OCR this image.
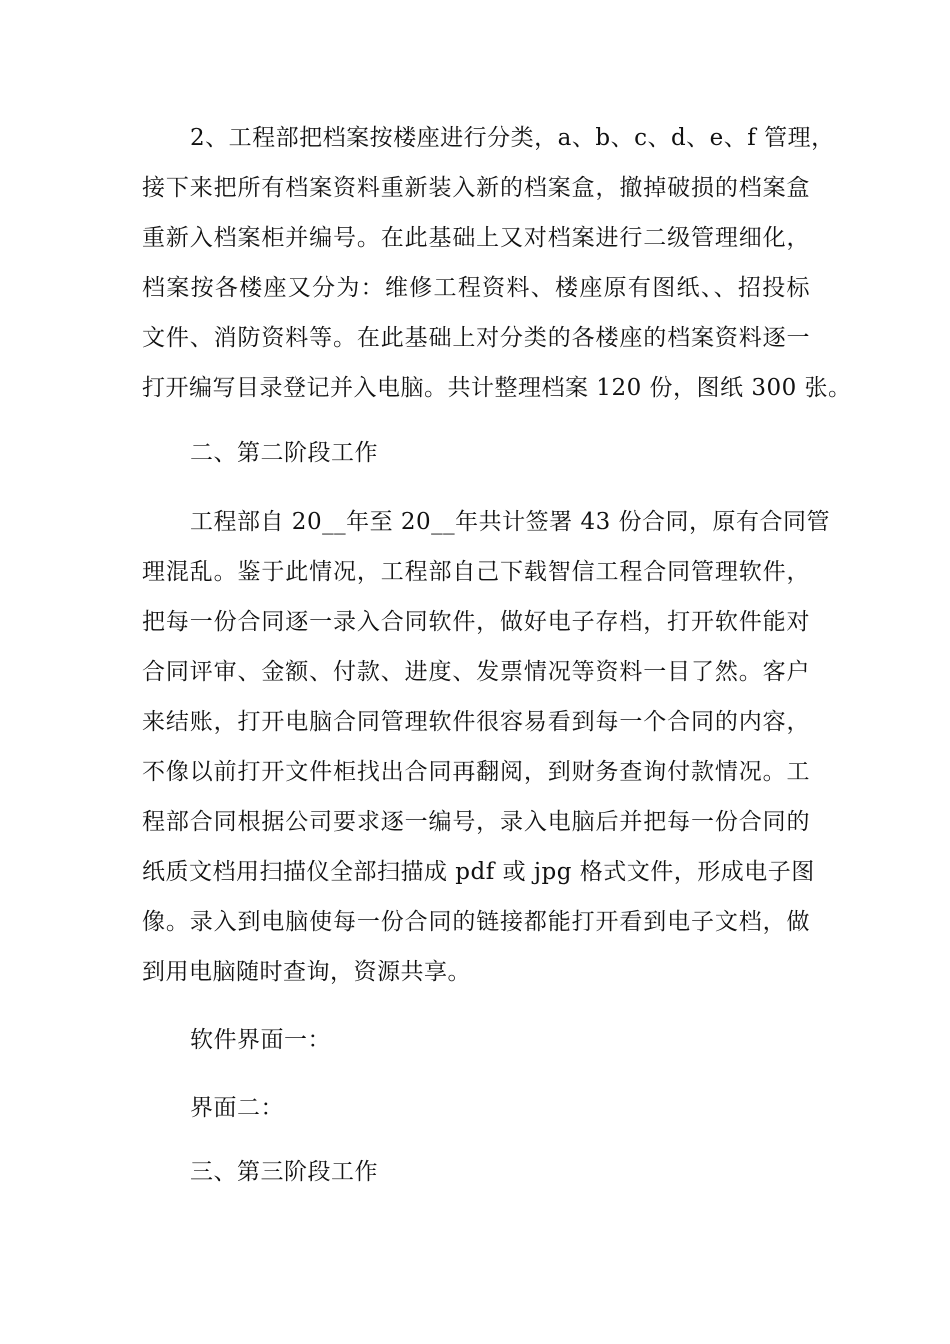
2、工程部把档案按楼座进行分类，a、b、c、d、e、f 管理，
接下来把所有档案资料重新装入新的档案盒，撤掉破损的档案盒
重新入档案柜并编号。在此基础上又对档案进行二级管理细化，
档案按各楼座又分为：维修工程资料、楼座原有图纸、、招投标
文件、消防资料等。在此基础上对分类的各楼座的档案资料逐一
打开编写目录登记并入电脑。共计整理档案 120 份，图纸 300 张。
二、第二阶段工作
工程部自 20__年至 20__年共计签署 43 份合同，原有合同管
理混乱。鉴于此情况，工程部自己下载智信工程合同管理软件，
把每一份合同逐一录入合同软件，做好电子存档，打开软件能对
合同评审、金额、付款、进度、发票情况等资料一目了然。客户
来结账，打开电脑合同管理软件很容易看到每一个合同的内容，
不像以前打开文件柜找出合同再翻阅，到财务查询付款情况。工
程部合同根据公司要求逐一编号，录入电脑后并把每一份合同的
纸质文档用扫描仪全部扫描成 pdf 或 jpg 格式文件，形成电子图
像。录入到电脑使每一份合同的链接都能打开看到电子文档，做
到用电脑随时查询，资源共享。
软件界面一：
界面二：
三、第三阶段工作
